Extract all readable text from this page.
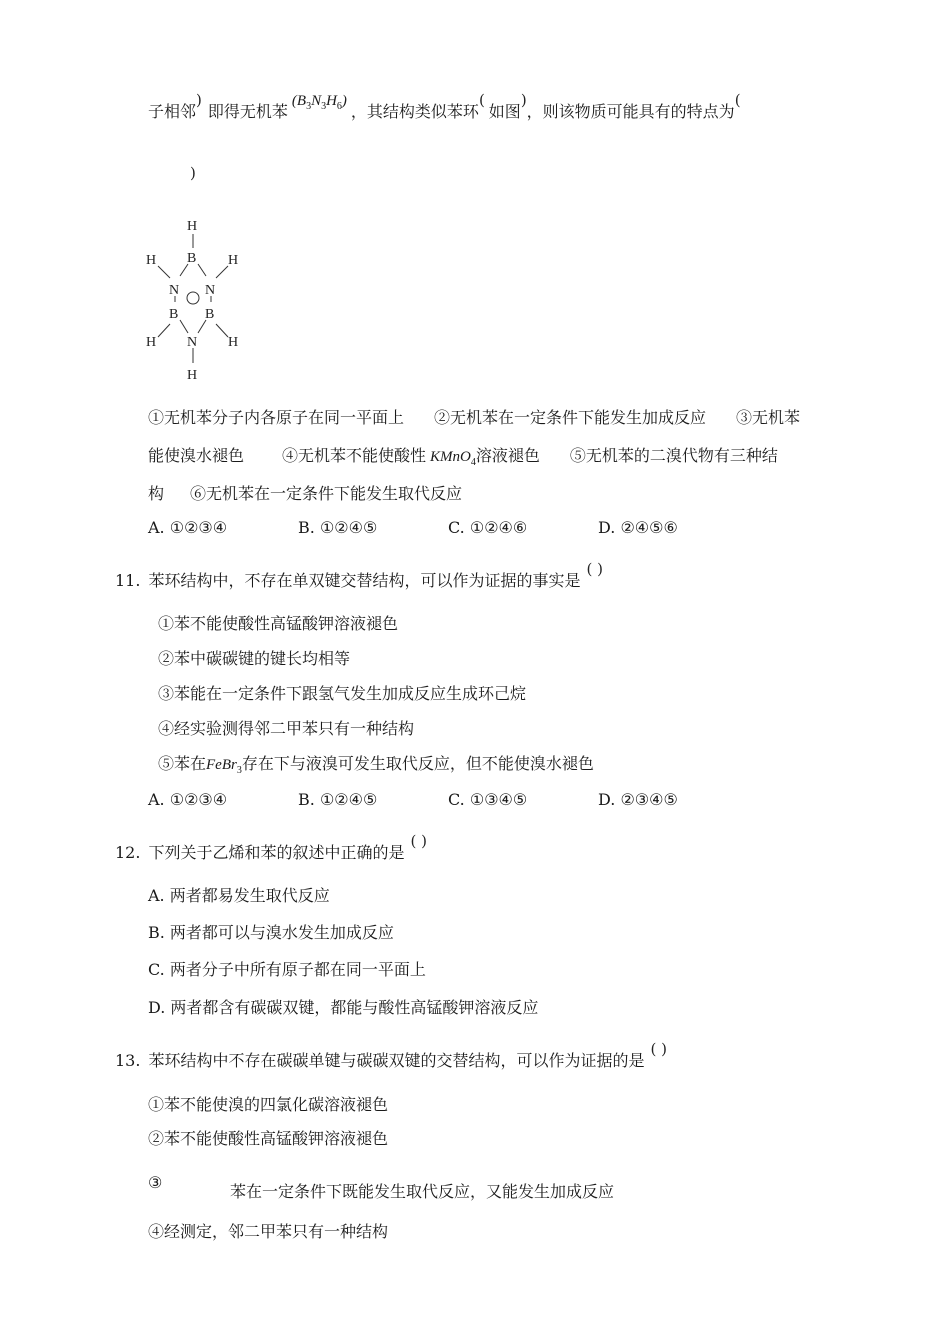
子相邻)即得无机苯$(B_3N_3H_6)$，其结构类似苯环(如图)，则该物质可能具有的特点为(
)
H
B
H	H
N N
B B
H	H
N
H
①无机苯分子内各原子在同一平面上 ②无机苯在一定条件下能发生加成反应 ③无机苯
能使溴水褪色 ④无机苯不能使酸性 KMnO$_4$溶液褪色 ⑤无机苯的二溴代物有三种结
构 ⑥无机苯在一定条件下能发生取代反应
A. ①②③④	B. ①②④⑤	C. ①②④⑥	D. ②④⑤⑥
11. 苯环结构中，不存在单双键交替结构，可以作为证据的事实是( )
①苯不能使酸性高锰酸钾溶液褪色
②苯中碳碳键的键长均相等
③苯能在一定条件下跟氢气发生加成反应生成环己烷
④经实验测得邻二甲苯只有一种结构
⑤苯在FeBr$_3$存在下与液溴可发生取代反应，但不能使溴水褪色
A. ①②③④	B. ①②④⑤	C. ①③④⑤	D. ②③④⑤
12. 下列关于乙烯和苯的叙述中正确的是( )
A. 两者都易发生取代反应
B. 两者都可以与溴水发生加成反应
C. 两者分子中所有原子都在同一平面上
D. 两者都含有碳碳双键，都能与酸性高锰酸钾溶液反应
13. 苯环结构中不存在碳碳单键与碳碳双键的交替结构，可以作为证据的是( )
①苯不能使溴的四氯化碳溶液褪色
②苯不能使酸性高锰酸钾溶液褪色
③	苯在一定条件下既能发生取代反应，又能发生加成反应
④经测定，邻二甲苯只有一种结构
